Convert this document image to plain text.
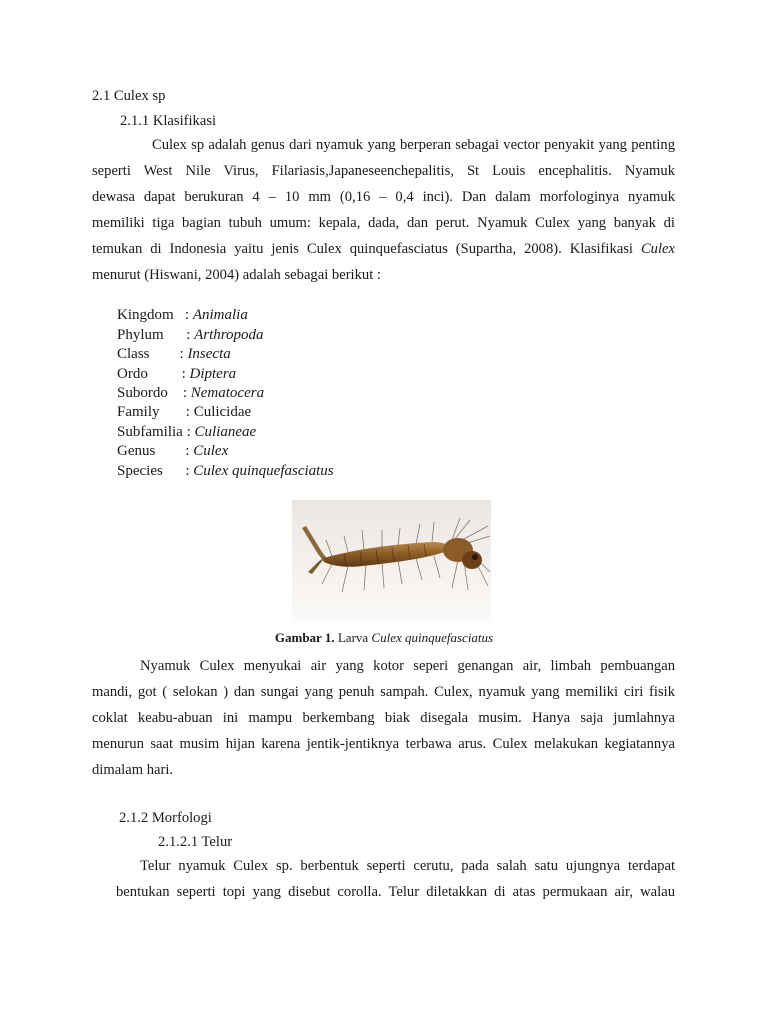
2.1 Culex sp
2.1.1 Klasifikasi
Culex sp adalah genus dari nyamuk yang berperan sebagai vector penyakit yang penting
seperti West Nile Virus, Filariasis,Japaneseenchepalitis, St Louis encephalitis. Nyamuk
dewasa dapat berukuran 4 – 10 mm (0,16 – 0,4 inci). Dan dalam morfologinya nyamuk
memiliki tiga bagian tubuh umum: kepala, dada, dan perut. Nyamuk Culex yang banyak di
temukan di Indonesia yaitu jenis Culex quinquefasciatus (Supartha, 2008). Klasifikasi Culex
menurut (Hiswani, 2004) adalah sebagai berikut :
Kingdom   : Animalia
Phylum      : Arthropoda
Class        : Insecta
Ordo         : Diptera
Subordo    : Nematocera
Family       : Culicidae
Subfamilia : Culianeae
Genus        : Culex
Species      : Culex quinquefasciatus
Gambar 1. Larva Culex quinquefasciatus
Nyamuk Culex menyukai air yang kotor seperi genangan air, limbah pembuangan
mandi, got ( selokan ) dan sungai yang penuh sampah. Culex, nyamuk yang memiliki ciri fisik
coklat keabu-abuan ini mampu berkembang biak disegala musim. Hanya saja jumlahnya
menurun saat musim hijan karena jentik-jentiknya terbawa arus. Culex melakukan kegiatannya
dimalam hari.
2.1.2 Morfologi
2.1.2.1 Telur
Telur nyamuk Culex sp. berbentuk seperti cerutu, pada salah satu ujungnya terdapat
bentukan seperti topi yang disebut corolla. Telur diletakkan di atas permukaan air, walau
